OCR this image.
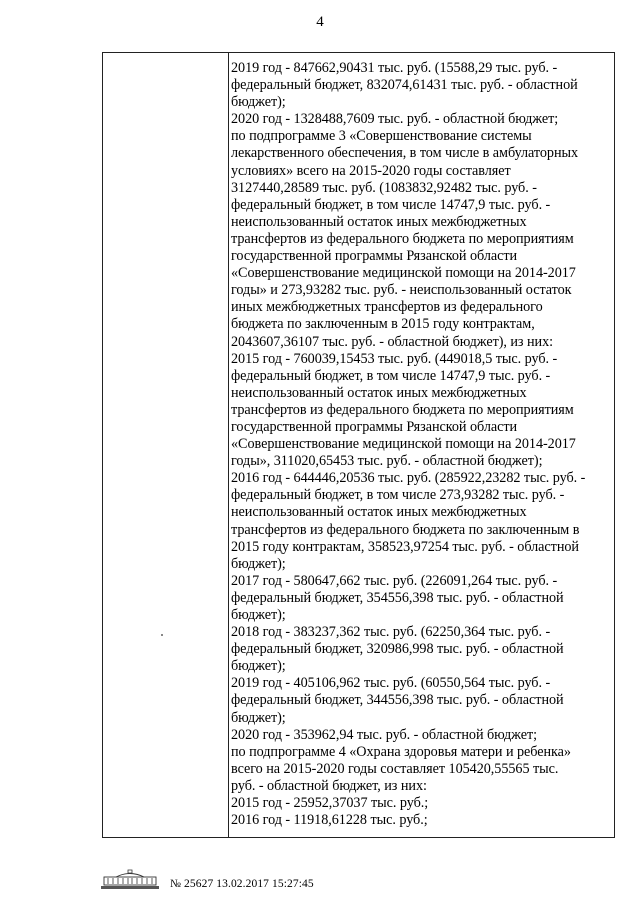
4
2019 год - 847662,90431 тыс. руб. (15588,29 тыс. руб. -
федеральный бюджет, 832074,61431 тыс. руб. - областной
бюджет);
2020 год - 1328488,7609 тыс. руб. - областной бюджет;
по подпрограмме 3 «Совершенствование системы
лекарственного обеспечения, в том числе в амбулаторных
условиях» всего на 2015-2020 годы составляет
3127440,28589 тыс. руб. (1083832,92482 тыс. руб. -
федеральный бюджет, в том числе 14747,9 тыс. руб. -
неиспользованный остаток иных межбюджетных
трансфертов из федерального бюджета по мероприятиям
государственной программы Рязанской области
«Совершенствование медицинской помощи на 2014-2017
годы» и 273,93282 тыс. руб. - неиспользованный остаток
иных межбюджетных трансфертов из федерального
бюджета по заключенным в 2015 году контрактам,
2043607,36107 тыс. руб. - областной бюджет), из них:
2015 год - 760039,15453 тыс. руб. (449018,5 тыс. руб. -
федеральный бюджет, в том числе 14747,9 тыс. руб. -
неиспользованный остаток иных межбюджетных
трансфертов из федерального бюджета по мероприятиям
государственной программы Рязанской области
«Совершенствование медицинской помощи на 2014-2017
годы», 311020,65453 тыс. руб. - областной бюджет);
2016 год - 644446,20536 тыс. руб. (285922,23282 тыс. руб. -
федеральный бюджет, в том числе 273,93282 тыс. руб. -
неиспользованный остаток иных межбюджетных
трансфертов из федерального бюджета по заключенным в
2015 году контрактам, 358523,97254 тыс. руб. - областной
бюджет);
2017 год - 580647,662 тыс. руб. (226091,264 тыс. руб. -
федеральный бюджет, 354556,398 тыс. руб. - областной
бюджет);
2018 год - 383237,362 тыс. руб. (62250,364 тыс. руб. -
федеральный бюджет, 320986,998 тыс. руб. - областной
бюджет);
2019 год - 405106,962 тыс. руб. (60550,564 тыс. руб. -
федеральный бюджет, 344556,398 тыс. руб. - областной
бюджет);
2020 год - 353962,94 тыс. руб. - областной бюджет;
по подпрограмме 4 «Охрана здоровья матери и ребенка»
всего на 2015-2020 годы составляет 105420,55565 тыс.
руб. - областной бюджет, из них:
2015 год - 25952,37037 тыс. руб.;
2016 год - 11918,61228 тыс. руб.;
№ 25627 13.02.2017 15:27:45
